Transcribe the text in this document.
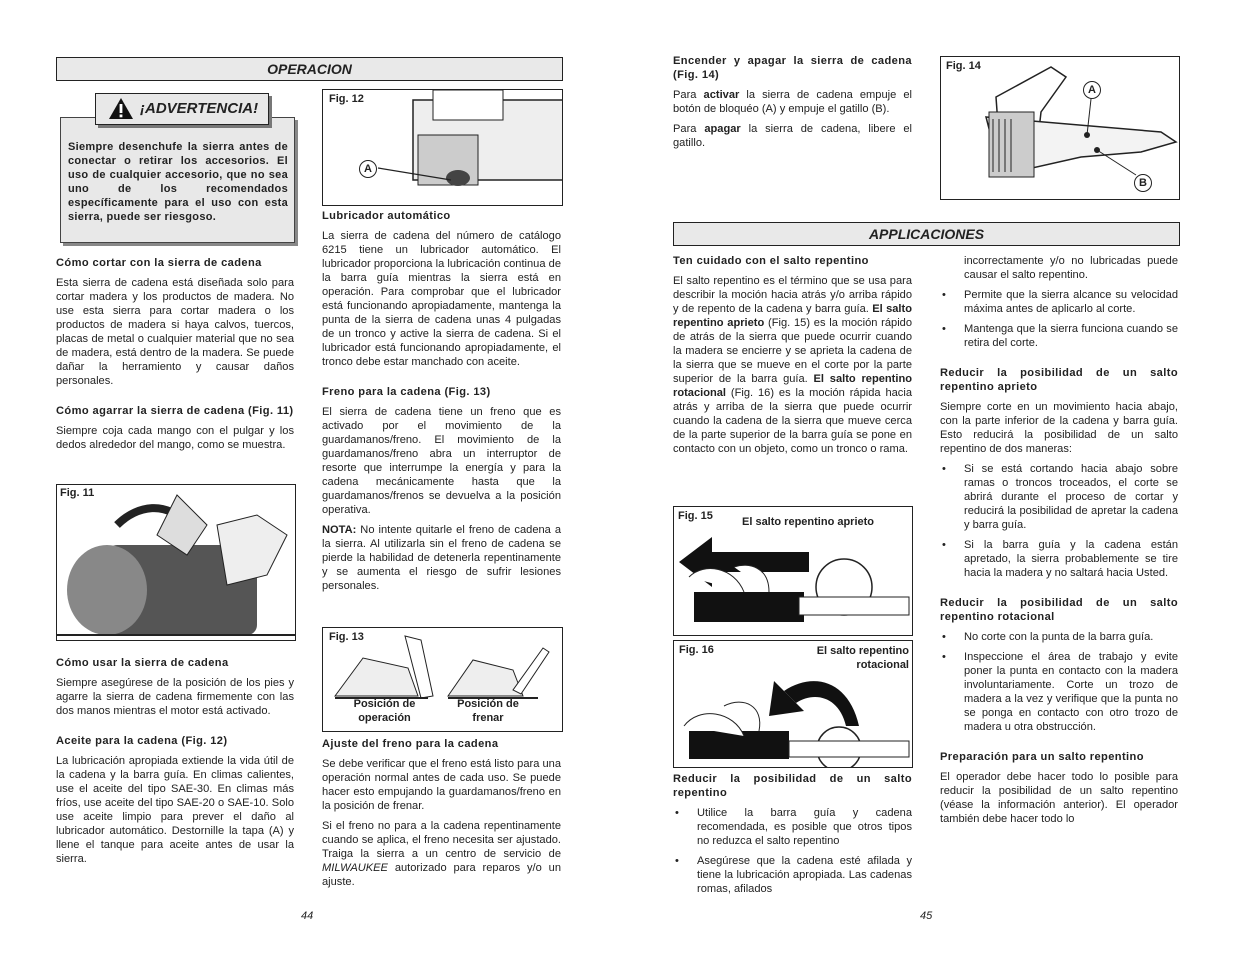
OPERACION
Siempre desenchufe la sierra antes de conectar o retirar los accesorios. El uso de cualquier accesorio, que no sea uno de los recomendados específicamente para el uso con esta sierra, puede ser riesgoso.
¡ADVERTENCIA!
Cómo cortar con la sierra de cadena

Esta sierra de cadena está diseñada solo para cortar madera y los productos de madera. No use esta sierra para cortar madera o los productos de madera si haya calvos, tuercos, placas de metal o cualquier material que no sea de madera, está dentro de la madera. Se puede dañar la herramiento y causar daños personales.

Cómo agarrar la sierra de cadena (Fig. 11)

Siempre coja cada mango con el pulgar y los dedos alrededor del mango, como se muestra.

Fig. 11
Cómo usar la sierra de cadena

Siempre asegúrese de la posición de los pies y agarre la sierra de cadena firmemente con las dos manos mientras el motor está activado.

Aceite para la cadena (Fig. 12)

La lubricación apropiada extiende la vida útil de la cadena y la barra guía. En climas calientes, use el aceite del tipo SAE-30. En climas más fríos, use aceite del tipo SAE-20 o SAE-10. Solo use aceite limpio para prever el daño al lubricador automático. Destornille la tapa (A) y llene el tanque para aceite antes de usar la sierra.

Fig. 12
A
Lubricador automático

La sierra de cadena del número de catálogo 6215 tiene un lubricador automático. El lubricador proporciona la lubricación continua de la barra guía mientras la sierra está en operación. Para comprobar que el lubricador está funcionando apropiadamente, mantenga la punta de la sierra de cadena unas 4 pulgadas de un tronco y active la sierra de cadena. Si el lubricador está funcionando apropiadamente, el tronco debe estar manchado con aceite.

Freno para la cadena (Fig. 13)

El sierra de cadena tiene un freno que es activado por el movimiento de la guardamanos/freno. El movimiento de la guardamanos/freno abra un interruptor de resorte que interrumpe la energía y para la cadena mecánicamente hasta que la guardamanos/frenos se devuelva a la posición operativa.

NOTA: No intente quitarle el freno de cadena a la sierra. Al utilizarla sin el freno de cadena se pierde la habilidad de detenerla repentinamente y se aumenta el riesgo de sufrir lesiones personales.

Fig. 13
Posición de operación
Posición de frenar
Ajuste del freno para la cadena

Se debe verificar que el freno está listo para una operación normal antes de cada uso. Se puede hacer esto empujando la guardamanos/freno en la posición de frenar.

Si el freno no para a la cadena repentinamente cuando se aplica, el freno necesita ser ajustado. Traiga la sierra a un centro de servicio de MILWAUKEE autorizado para reparos y/o un ajuste.

44
Encender y apagar la sierra de cadena (Fig. 14)

Para activar la sierra de cadena empuje el botón de bloquéo (A) y empuje el gatillo (B).

Para apagar la sierra de cadena, libere el gatillo.

Fig. 14
A
B
APPLICACIONES
Ten cuidado con el salto repentino

El salto repentino es el término que se usa para describir la moción hacia atrás y/o arriba rápido y de repento de la cadena y barra guía. El salto repentino aprieto (Fig. 15) es la moción rápido de atrás de la sierra que puede ocurrir cuando la madera se encierre y se aprieta la cadena de la sierra que se mueve en el corte por la parte superior de la barra guía. El salto repentino rotacional (Fig. 16) es la moción rápida hacia atrás y arriba de la sierra que puede ocurrir cuando la cadena de la sierra que mueve cerca de la parte superior de la barra guía se pone en contacto con un objeto, como un tronco o rama.

Fig. 15	El salto repentino aprieto
Fig. 16	El salto repentino rotacional
Reducir la posibilidad de un salto repentino
• Utilice la barra guía y cadena recomendada, es posible que otros tipos no reduzca el salto repentino
• Asegúrese que la cadena esté afilada y tiene la lubricación apropiada. Las cadenas romas, afilados

incorrectamente y/o no lubricadas puede causar el salto repentino.

• Permite que la sierra alcance su velocidad máxima antes de aplicarlo al corte.
• Mantenga que la sierra funciona cuando se retira del corte.
Reducir la posibilidad de un salto repentino aprieto

Siempre corte en un movimiento hacia abajo, con la parte inferior de la cadena y barra guía. Esto reducirá la posibilidad de un salto repentino de dos maneras:

• Si se está cortando hacia abajo sobre ramas o troncos troceados, el corte se abrirá durante el proceso de cortar y reducirá la posibilidad de apretar la cadena y barra guía.
• Si la barra guía y la cadena están apretado, la sierra probablemente se tire hacia la madera y no saltará hacia Usted.
Reducir la posibilidad de un salto repentino rotacional
• No corte con la punta de la barra guía.
• Inspeccione el área de trabajo y evite poner la punta en contacto con la madera involuntariamente. Corte un trozo de madera a la vez y verifique que la punta no se ponga en contacto con otro trozo de madera u otra obstrucción.
Preparación para un salto repentino

El operador debe hacer todo lo posible para reducir la posibilidad de un salto repentino (véase la información anterior). El operador también debe hacer todo lo

45
